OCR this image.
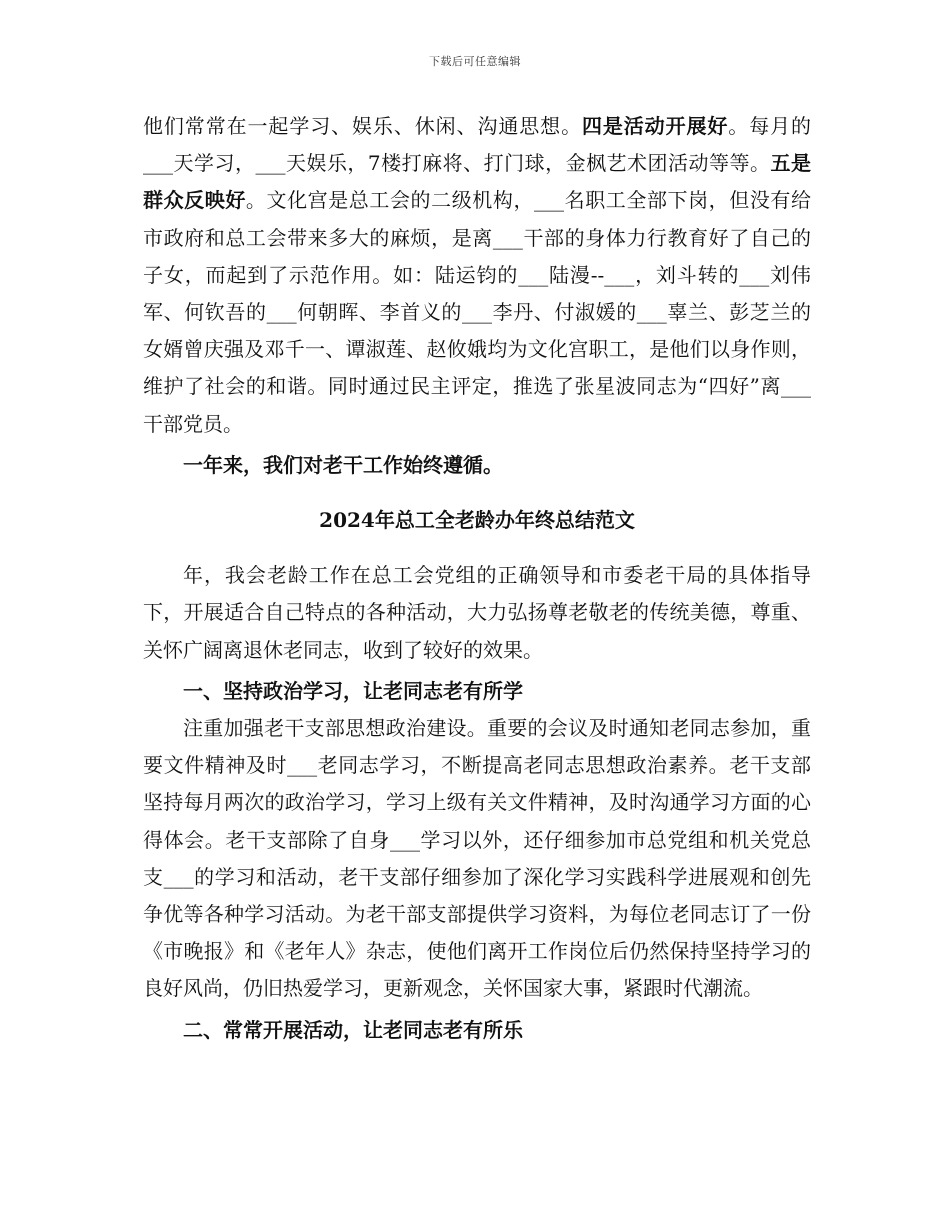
下载后可任意编辑

他们常常在一起学习、娱乐、休闲、沟通思想。四是活动开展好。每月的___天学习，___天娱乐，7楼打麻将、打门球，金枫艺术团活动等等。五是群众反映好。文化宫是总工会的二级机构，___名职工全部下岗，但没有给市政府和总工会带来多大的麻烦，是离___干部的身体力行教育好了自己的子女，而起到了示范作用。如：陆运钧的___陆漫--___，刘斗转的___刘伟军、何钦吾的___何朝晖、李首义的___李丹、付淑媛的___辜兰、彭芝兰的女婿曾庆强及邓千一、谭淑莲、赵攸娥均为文化宫职工，是他们以身作则，维护了社会的和谐。同时通过民主评定，推选了张星波同志为“四好”离___干部党员。

一年来，我们对老干工作始终遵循。

2024年总工全老龄办年终总结范文

年，我会老龄工作在总工会党组的正确领导和市委老干局的具体指导下，开展适合自己特点的各种活动，大力弘扬尊老敬老的传统美德，尊重、关怀广阔离退休老同志，收到了较好的效果。

一、坚持政治学习，让老同志老有所学

注重加强老干支部思想政治建设。重要的会议及时通知老同志参加，重要文件精神及时___老同志学习，不断提高老同志思想政治素养。老干支部坚持每月两次的政治学习，学习上级有关文件精神，及时沟通学习方面的心得体会。老干支部除了自身___学习以外，还仔细参加市总党组和机关党总支___的学习和活动，老干支部仔细参加了深化学习实践科学进展观和创先争优等各种学习活动。为老干部支部提供学习资料，为每位老同志订了一份《市晚报》和《老年人》杂志，使他们离开工作岗位后仍然保持坚持学习的良好风尚，仍旧热爱学习，更新观念，关怀国家大事，紧跟时代潮流。

二、常常开展活动，让老同志老有所乐
